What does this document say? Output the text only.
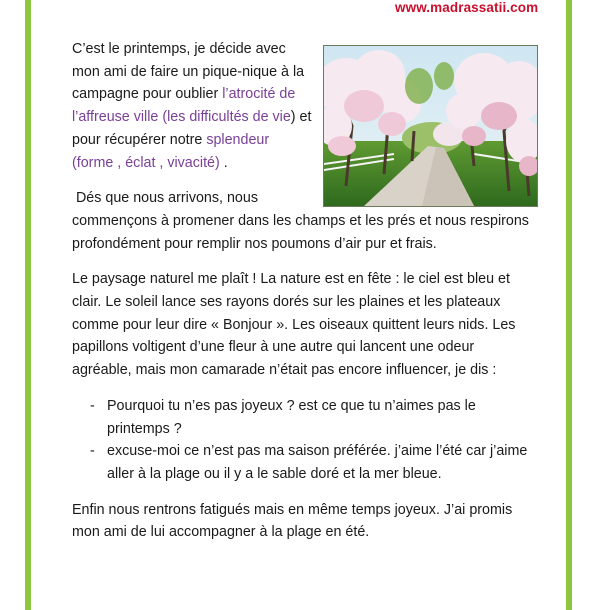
www.madrassatii.com

C’est le printemps, je décide avec mon ami de faire un pique-nique à la campagne pour oublier l’atrocité de l’affreuse ville (les difficultés de vie) et pour récupérer notre splendeur (forme , éclat , vivacité) .

Dés que nous arrivons, nous

commençons à promener dans les champs et les prés et nous respirons profondément pour remplir nos poumons d’air pur et frais.

Le paysage naturel me plaît ! La nature est en fête : le ciel est bleu et clair. Le soleil lance ses rayons dorés sur les plaines et les plateaux comme pour leur dire « Bonjour ». Les oiseaux quittent leurs nids. Les papillons voltigent d’une fleur à une autre qui lancent une odeur agréable, mais mon camarade n’était pas encore influencer, je dis :

- Pourquoi tu n’es pas joyeux ? est ce que tu n’aimes pas le printemps ?
- excuse-moi ce n’est pas ma saison préférée. j’aime l’été car j’aime aller à la plage ou il y a le sable doré et la mer bleue.

Enfin nous rentrons fatigués mais en même temps joyeux. J’ai promis mon ami de lui accompagner à la plage en été.
